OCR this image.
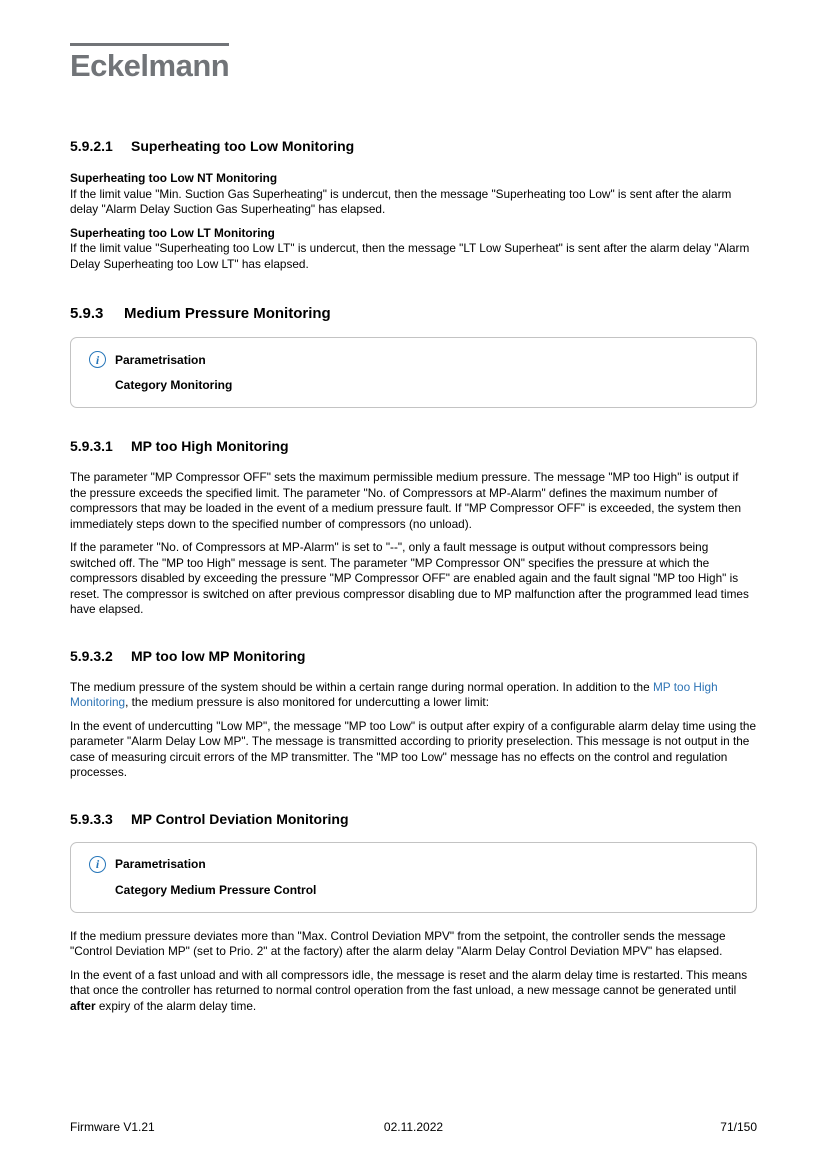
Eckelmann
5.9.2.1	Superheating too Low Monitoring

Superheating too Low NT Monitoring

If the limit value "Min. Suction Gas Superheating" is undercut, then the message "Superheating too Low" is sent after the alarm delay "Alarm Delay Suction Gas Superheating" has elapsed.

Superheating too Low LT Monitoring

If the limit value "Superheating too Low LT" is undercut, then the message "LT Low Superheat" is sent after the alarm delay "Alarm Delay Superheating too Low LT" has elapsed.

5.9.3	Medium Pressure Monitoring
i	Parametrisation
Category Monitoring
5.9.3.1	MP too High Monitoring

The parameter "MP Compressor OFF" sets the maximum permissible medium pressure. The message "MP too High" is output if the pressure exceeds the specified limit. The parameter "No. of Compressors at MP-Alarm" defines the maximum number of compressors that may be loaded in the event of a medium pressure fault. If "MP Compressor OFF" is exceeded, the system then immediately steps down to the specified number of compressors (no unload).

If the parameter "No. of Compressors at MP-Alarm" is set to "--", only a fault message is output without compressors being switched off. The "MP too High" message is sent. The parameter "MP Compressor ON" specifies the pressure at which the compressors disabled by exceeding the pressure "MP Compressor OFF" are enabled again and the fault signal "MP too High" is reset. The compressor is switched on after previous compressor disabling due to MP malfunction after the programmed lead times have elapsed.

5.9.3.2	MP too low MP Monitoring

The medium pressure of the system should be within a certain range during normal operation. In addition to the MP too High Monitoring, the medium pressure is also monitored for undercutting a lower limit:

In the event of undercutting "Low MP", the message "MP too Low" is output after expiry of a configurable alarm delay time using the parameter "Alarm Delay Low MP". The message is transmitted according to priority preselection. This message is not output in the case of measuring circuit errors of the MP transmitter. The "MP too Low" message has no effects on the control and regulation processes.

5.9.3.3	MP Control Deviation Monitoring
i	Parametrisation
Category Medium Pressure Control

If the medium pressure deviates more than "Max. Control Deviation MPV" from the setpoint, the controller sends the message "Control Deviation MP" (set to Prio. 2" at the factory) after the alarm delay "Alarm Delay Control Deviation MPV" has elapsed.

In the event of a fast unload and with all compressors idle, the message is reset and the alarm delay time is restarted. This means that once the controller has returned to normal control operation from the fast unload, a new message cannot be generated until after expiry of the alarm delay time.

Firmware V1.21	02.11.2022	71/150
